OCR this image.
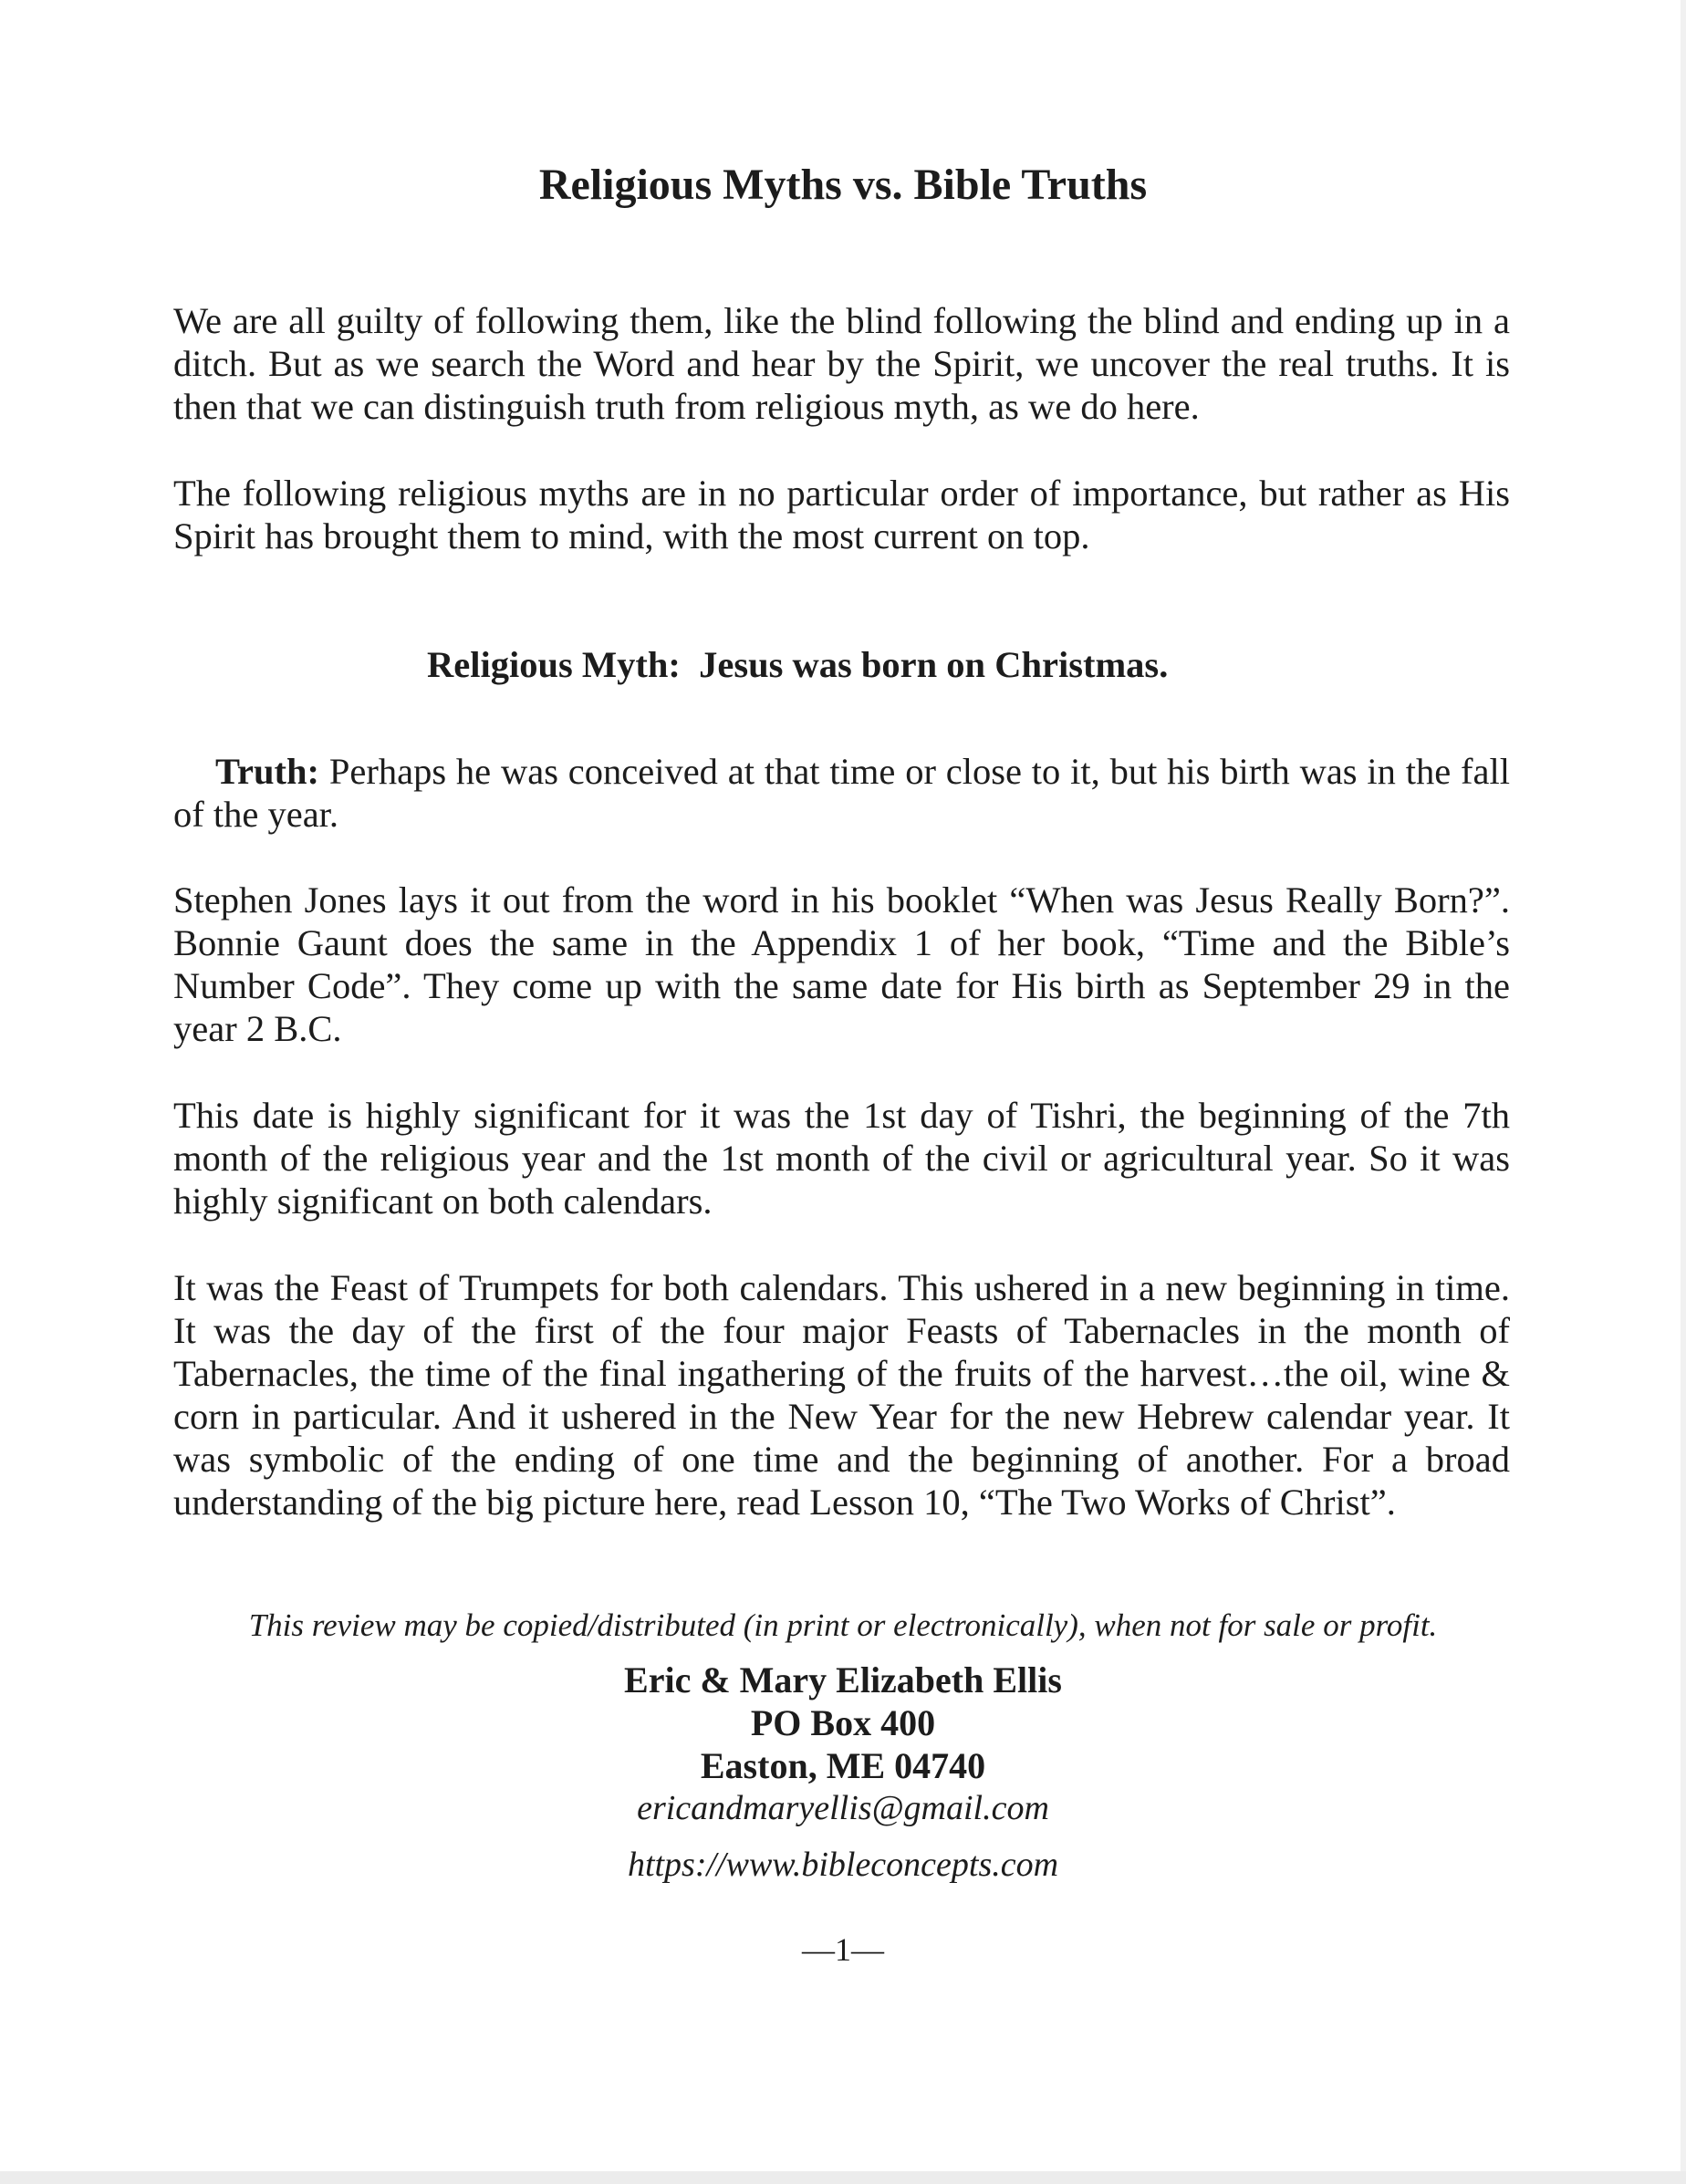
Religious Myths vs. Bible Truths

We are all guilty of following them, like the blind following the blind and ending up in a ditch. But as we search the Word and hear by the Spirit, we uncover the real truths. It is then that we can distinguish truth from religious myth, as we do here.

The following religious myths are in no particular order of importance, but rather as His Spirit has brought them to mind, with the most current on top.

Religious Myth:  Jesus was born on Christmas.

Truth: Perhaps he was conceived at that time or close to it, but his birth was in the fall of the year.

Stephen Jones lays it out from the word in his booklet “When was Jesus Really Born?”. Bonnie Gaunt does the same in the Appendix 1 of her book, “Time and the Bible’s Number Code”. They come up with the same date for His birth as September 29 in the year 2 B.C.

This date is highly significant for it was the 1st day of Tishri, the beginning of the 7th month of the religious year and the 1st month of the civil or agricultural year. So it was highly significant on both calendars.

It was the Feast of Trumpets for both calendars. This ushered in a new beginning in time. It was the day of the first of the four major Feasts of Tabernacles in the month of Tabernacles, the time of the final ingathering of the fruits of the harvest…the oil, wine & corn in particular. And it ushered in the New Year for the new Hebrew calendar year. It was symbolic of the ending of one time and the beginning of another. For a broad understanding of the big picture here, read Lesson 10, “The Two Works of Christ”.

This review may be copied/distributed (in print or electronically), when not for sale or profit.

Eric & Mary Elizabeth Ellis

PO Box 400

Easton, ME 04740

ericandmaryellis@gmail.com

https://www.bibleconcepts.com

—1—
